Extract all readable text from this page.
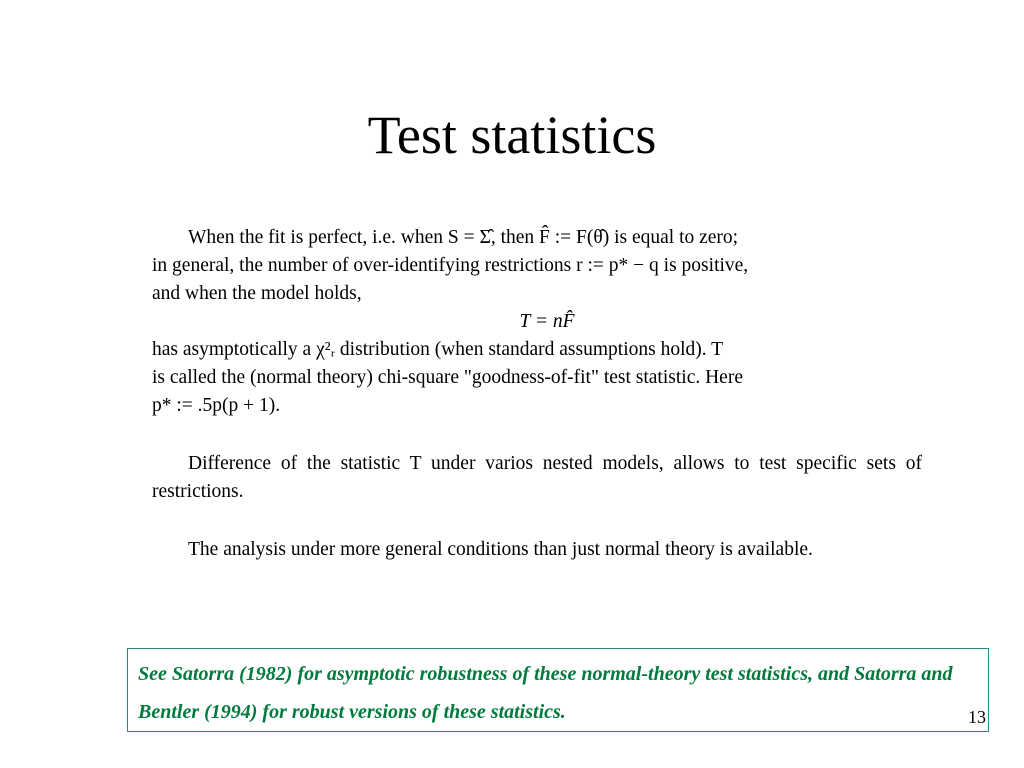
Test statistics

When the fit is perfect, i.e. when S = Σ̂, then F̂ := F(θ̂) is equal to zero;

in general, the number of over-identifying restrictions r := p* − q is positive,

and when the model holds,

T = nF̂

has asymptotically a χ²ᵣ distribution (when standard assumptions hold). T

is called the (normal theory) chi-square "goodness-of-fit" test statistic. Here

p* := .5p(p + 1).

Difference of the statistic T under varios nested models, allows to test specific sets of restrictions.

The analysis under more general conditions than just normal theory is available.

See Satorra (1982) for asymptotic robustness of these normal-theory test statistics, and Satorra and Bentler (1994) for robust versions of these statistics.	13
